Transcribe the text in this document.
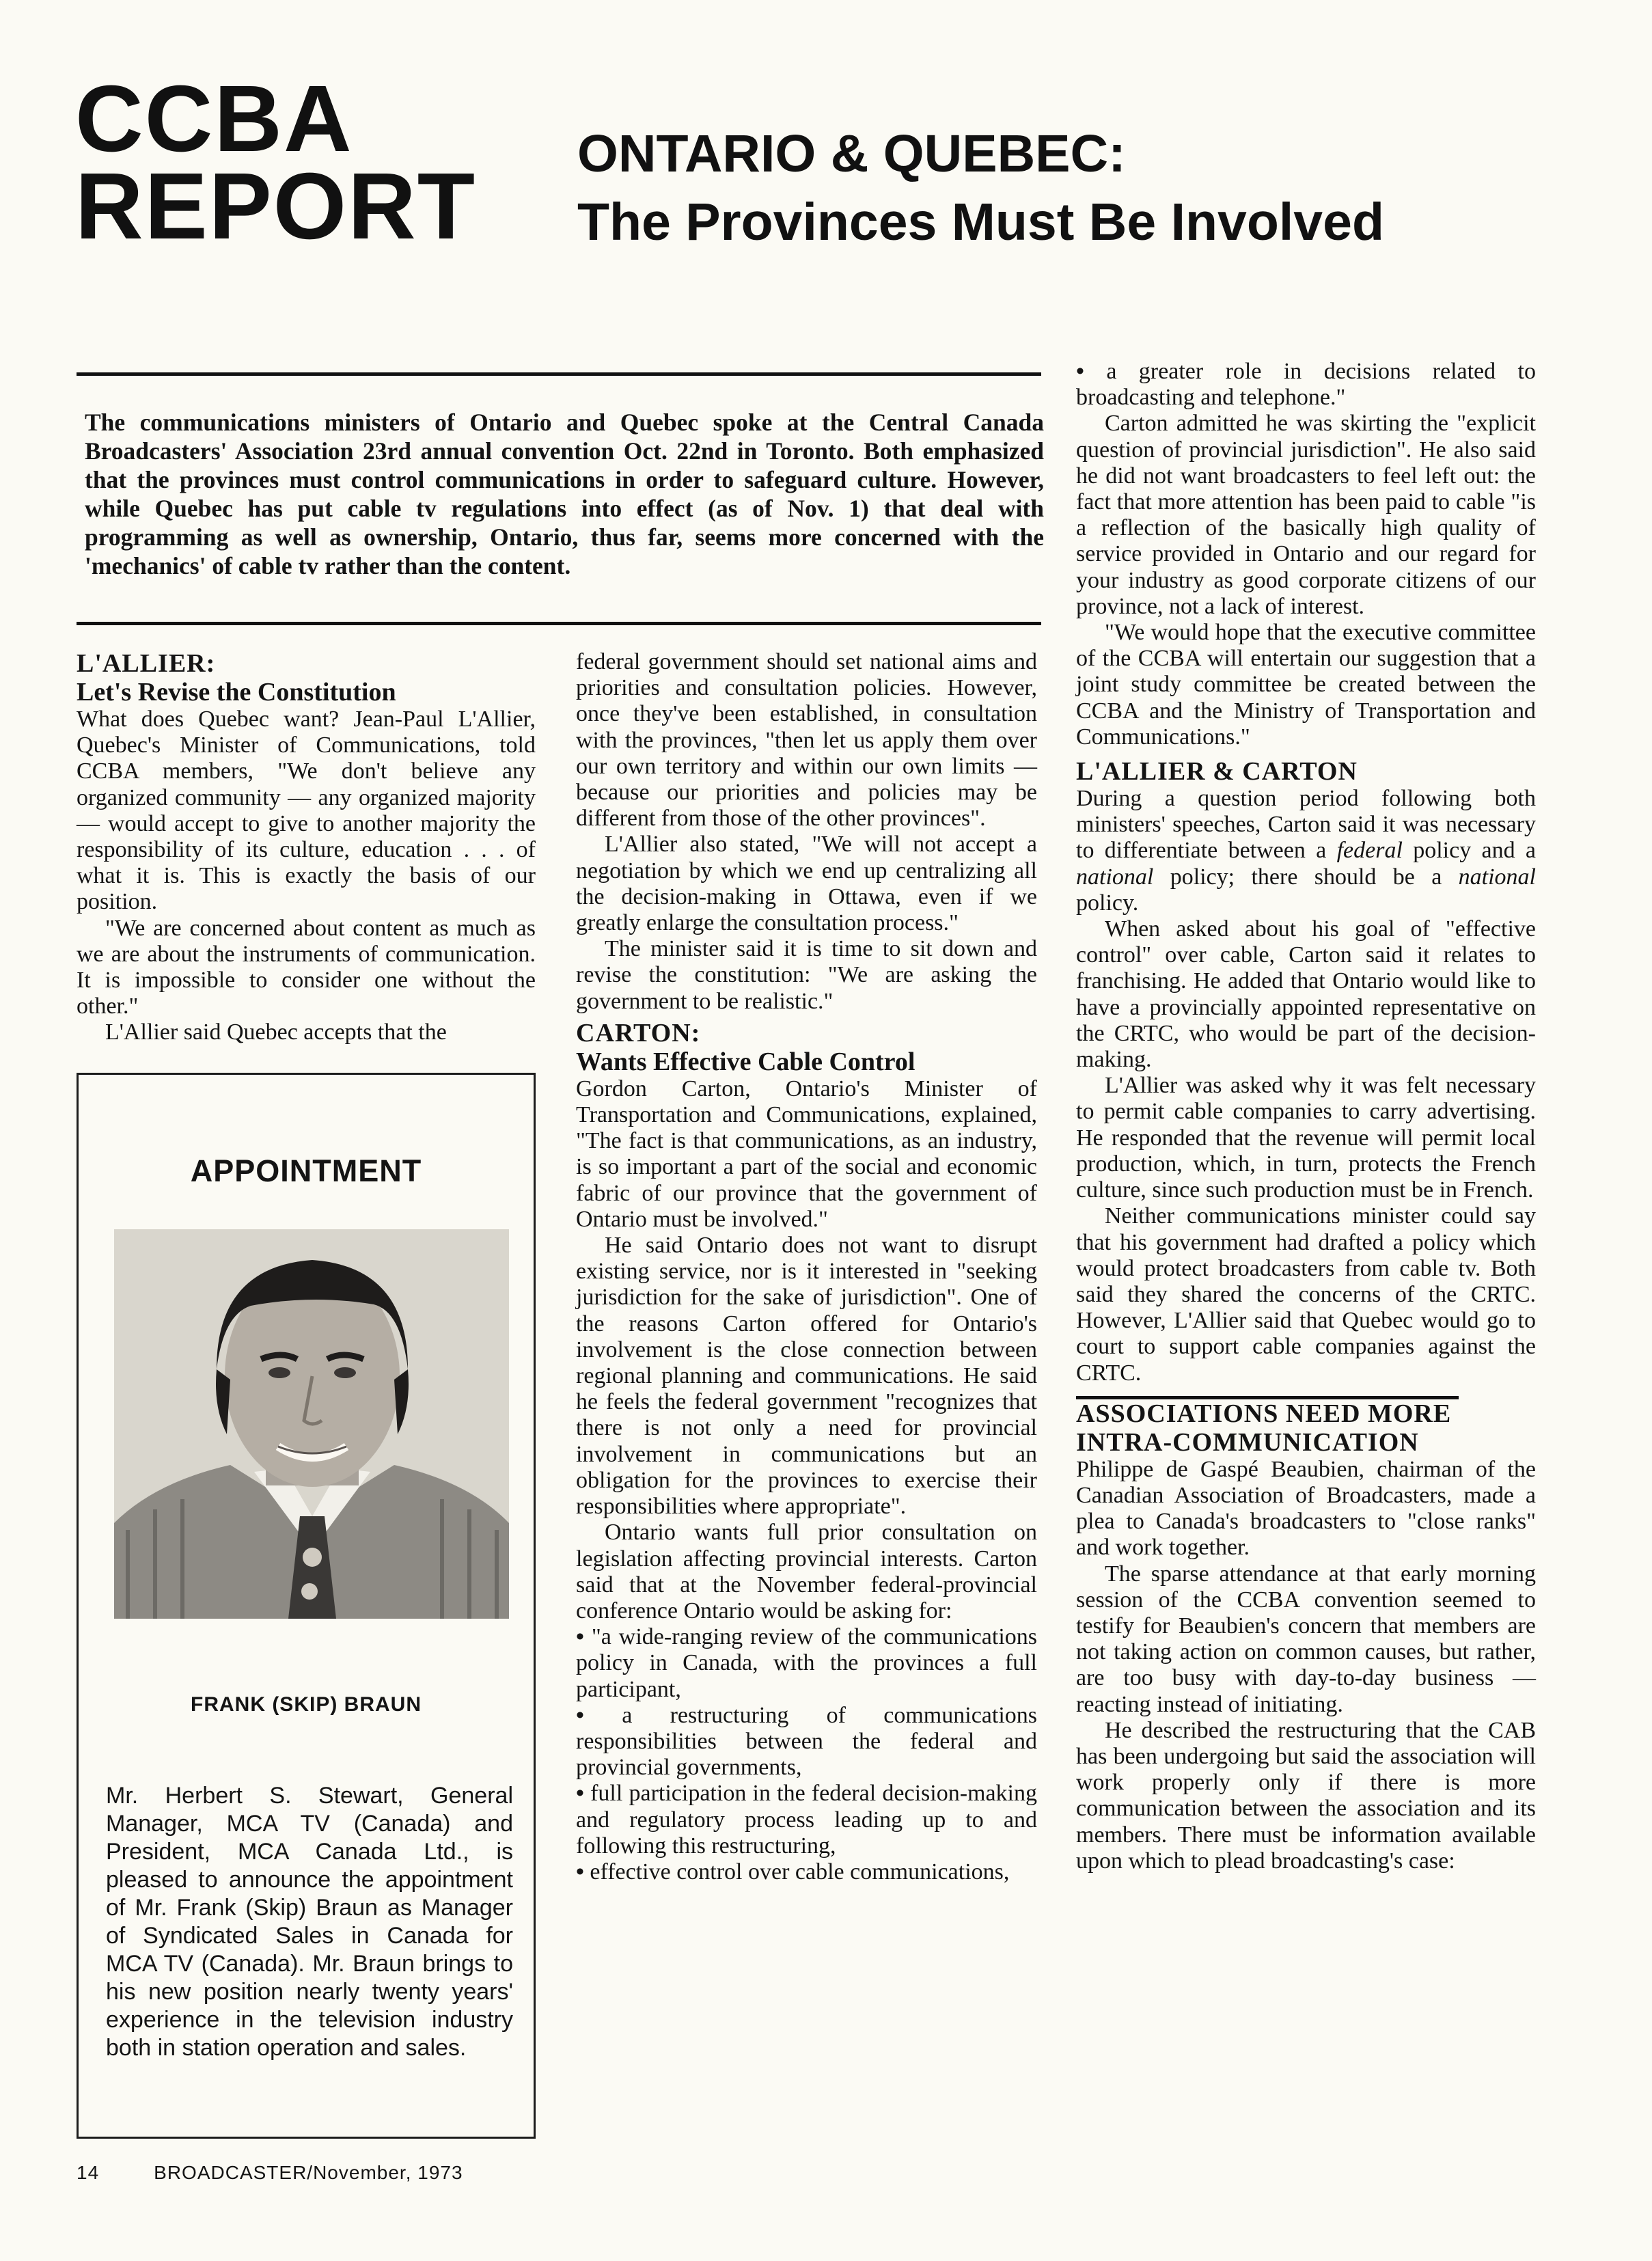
CCBA
REPORT ONTARIO & QUEBEC:
The Provinces Must Be Involved
The communications ministers of Ontario and Quebec spoke at the Central Canada Broadcasters' Association 23rd annual convention Oct. 22nd in Toronto. Both emphasized that the provinces must control communications in order to safeguard culture. However, while Quebec has put cable tv regulations into effect (as of Nov. 1) that deal with programming as well as ownership, Ontario, thus far, seems more concerned with the 'mechanics' of cable tv rather than the content.
L'ALLIER:
Let's Revise the Constitution

What does Quebec want? Jean-Paul L'Allier, Quebec's Minister of Communications, told CCBA members, "We don't believe any organized community — any organized majority — would accept to give to another majority the responsibility of its culture, education . . . of what it is. This is exactly the basis of our position.

"We are concerned about content as much as we are about the instruments of communication. It is impossible to consider one without the other."

L'Allier said Quebec accepts that the

APPOINTMENT
FRANK (SKIP) BRAUN
Mr. Herbert S. Stewart, General Manager, MCA TV (Canada) and President, MCA Canada Ltd., is pleased to announce the appointment of Mr. Frank (Skip) Braun as Manager of Syndicated Sales in Canada for MCA TV (Canada). Mr. Braun brings to his new position nearly twenty years' experience in the television industry both in station operation and sales.

federal government should set national aims and priorities and consultation policies. However, once they've been established, in consultation with the provinces, "then let us apply them over our own territory and within our own limits — because our priorities and policies may be different from those of the other provinces".

L'Allier also stated, "We will not accept a negotiation by which we end up centralizing all the decision-making in Ottawa, even if we greatly enlarge the consultation process."

The minister said it is time to sit down and revise the constitution: "We are asking the government to be realistic."

CARTON:
Wants Effective Cable Control

Gordon Carton, Ontario's Minister of Transportation and Communications, explained, "The fact is that communications, as an industry, is so important a part of the social and economic fabric of our province that the government of Ontario must be involved."

He said Ontario does not want to disrupt existing service, nor is it interested in "seeking jurisdiction for the sake of jurisdiction". One of the reasons Carton offered for Ontario's involvement is the close connection between regional planning and communications. He said he feels the federal government "recognizes that there is not only a need for provincial involvement in communications but an obligation for the provinces to exercise their responsibilities where appropriate".

Ontario wants full prior consultation on legislation affecting provincial interests. Carton said that at the November federal-provincial conference Ontario would be asking for:

• "a wide-ranging review of the communications policy in Canada, with the provinces a full participant,
• a restructuring of communications responsibilities between the federal and provincial governments,
• full participation in the federal decision-making and regulatory process leading up to and following this restructuring,
• effective control over cable communications,
• a greater role in decisions related to broadcasting and telephone."

Carton admitted he was skirting the "explicit question of provincial jurisdiction". He also said he did not want broadcasters to feel left out: the fact that more attention has been paid to cable "is a reflection of the basically high quality of service provided in Ontario and our regard for your industry as good corporate citizens of our province, not a lack of interest.

"We would hope that the executive committee of the CCBA will entertain our suggestion that a joint study committee be created between the CCBA and the Ministry of Transportation and Communications."

L'ALLIER & CARTON

During a question period following both ministers' speeches, Carton said it was necessary to differentiate between a federal policy and a national policy; there should be a national policy.

When asked about his goal of "effective control" over cable, Carton said it relates to franchising. He added that Ontario would like to have a provincially appointed representative on the CRTC, who would be part of the decision-making.

L'Allier was asked why it was felt necessary to permit cable companies to carry advertising. He responded that the revenue will permit local production, which, in turn, protects the French culture, since such production must be in French.

Neither communications minister could say that his government had drafted a policy which would protect broadcasters from cable tv. Both said they shared the concerns of the CRTC. However, L'Allier said that Quebec would go to court to support cable companies against the CRTC.

ASSOCIATIONS NEED MORE INTRA-COMMUNICATION

Philippe de Gaspé Beaubien, chairman of the Canadian Association of Broadcasters, made a plea to Canada's broadcasters to "close ranks" and work together.

The sparse attendance at that early morning session of the CCBA convention seemed to testify for Beaubien's concern that members are not taking action on common causes, but rather, are too busy with day-to-day business — reacting instead of initiating.

He described the restructuring that the CAB has been undergoing but said the association will work properly only if there is more communication between the association and its members. There must be information available upon which to plead broadcasting's case:

14	BROADCASTER/November, 1973
